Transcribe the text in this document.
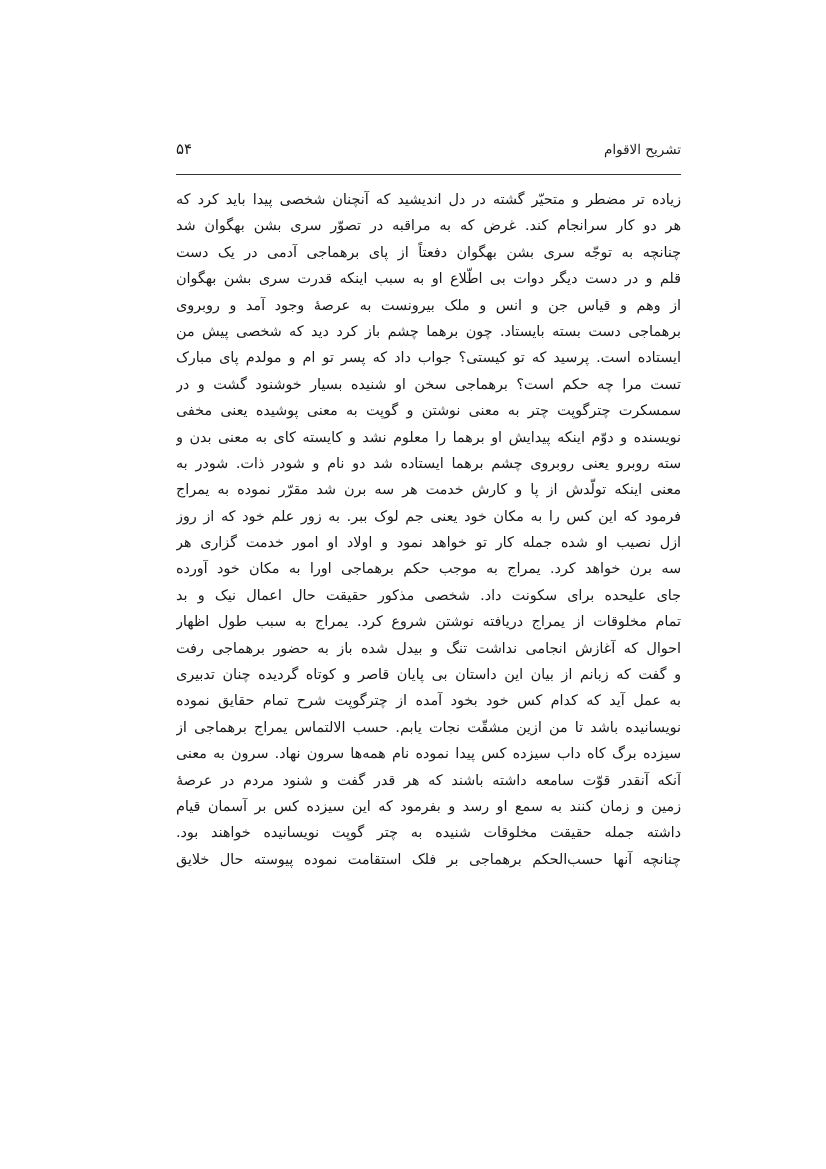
تشریح الاقوام
۵۴
زیاده تر مضطر و متحیّر گشته در دل اندیشید که آنچنان شخصی پیدا باید کرد که
هر دو کار سرانجام کند. غرض که به مراقبه در تصوّر سری بشن بهگوان شد
چنانچه به توجّه سری بشن بهگوان دفعتاً از پای برهماجی آدمی در یک دست
قلم و در دست دیگر دوات بی اطّلاع او به سبب اینکه قدرت سری بشن بهگوان
از وهم و قیاس جن و انس و ملک بیرونست به عرصهٔ وجود آمد و روبروی
برهماجی دست بسته بایستاد. چون برهما چشم باز کرد دید که شخصی پیش من
ایستاده است. پرسید که تو کیستی؟ جواب داد که پسر تو ام و مولدم پای مبارک
تست مرا چه حکم است؟ برهماجی سخن او شنیده بسیار خوشنود گشت و در
سمسکرت چترگوپت چتر به معنی نوشتن و گوپت به معنی پوشیده یعنی مخفی
نویسنده و دوّم اینکه پیدایش او برهما را معلوم نشد و کایسته کای به معنی بدن و
سته روبرو یعنی روبروی چشم برهما ایستاده شد دو نام و شودر ذات. شودر به
معنی اینکه تولّدش از پا و کارش خدمت هر سه برن شد مقرّر نموده به یمراج
فرمود که این کس را به مکان خود یعنی جم لوک ببر. به زور علم خود که از روز
ازل نصیب او شده جمله کار تو خواهد نمود و اولاد او امور خدمت گزاری هر
سه برن خواهد کرد. یمراج به موجب حکم برهماجی اورا به مکان خود آورده
جای علیحده برای سکونت داد. شخصی مذکور حقیقت حال اعمال نیک و بد
تمام مخلوقات از یمراج دریافته نوشتن شروع کرد. یمراج به سبب طول اظهار
احوال که آغازش انجامی نداشت تنگ و بیدل شده باز به حضور برهماجی رفت
و گفت که زبانم از بیان این داستان بی پایان قاصر و کوتاه گردیده چنان تدبیری
به عمل آید که کدام کس خود بخود آمده از چترگوپت شرح تمام حقایق نموده
نویسانیده باشد تا من ازین مشقّت نجات یابم. حسب الالتماس یمراج برهماجی از
سیزده برگ کاه داب سیزده کس پیدا نموده نام همه‌ها سرون نهاد. سرون به معنی
آنکه آنقدر قوّت سامعه داشته باشند که هر قدر گفت و شنود مردم در عرصهٔ
زمین و زمان کنند به سمع او رسد و بفرمود که این سیزده کس بر آسمان قیام
داشته جمله حقیقت مخلوقات شنیده به چتر گوپت نویسانیده خواهند بود.
چنانچه آنها حسب‌الحکم برهماجی بر فلک استقامت نموده پیوسته حال خلایق
